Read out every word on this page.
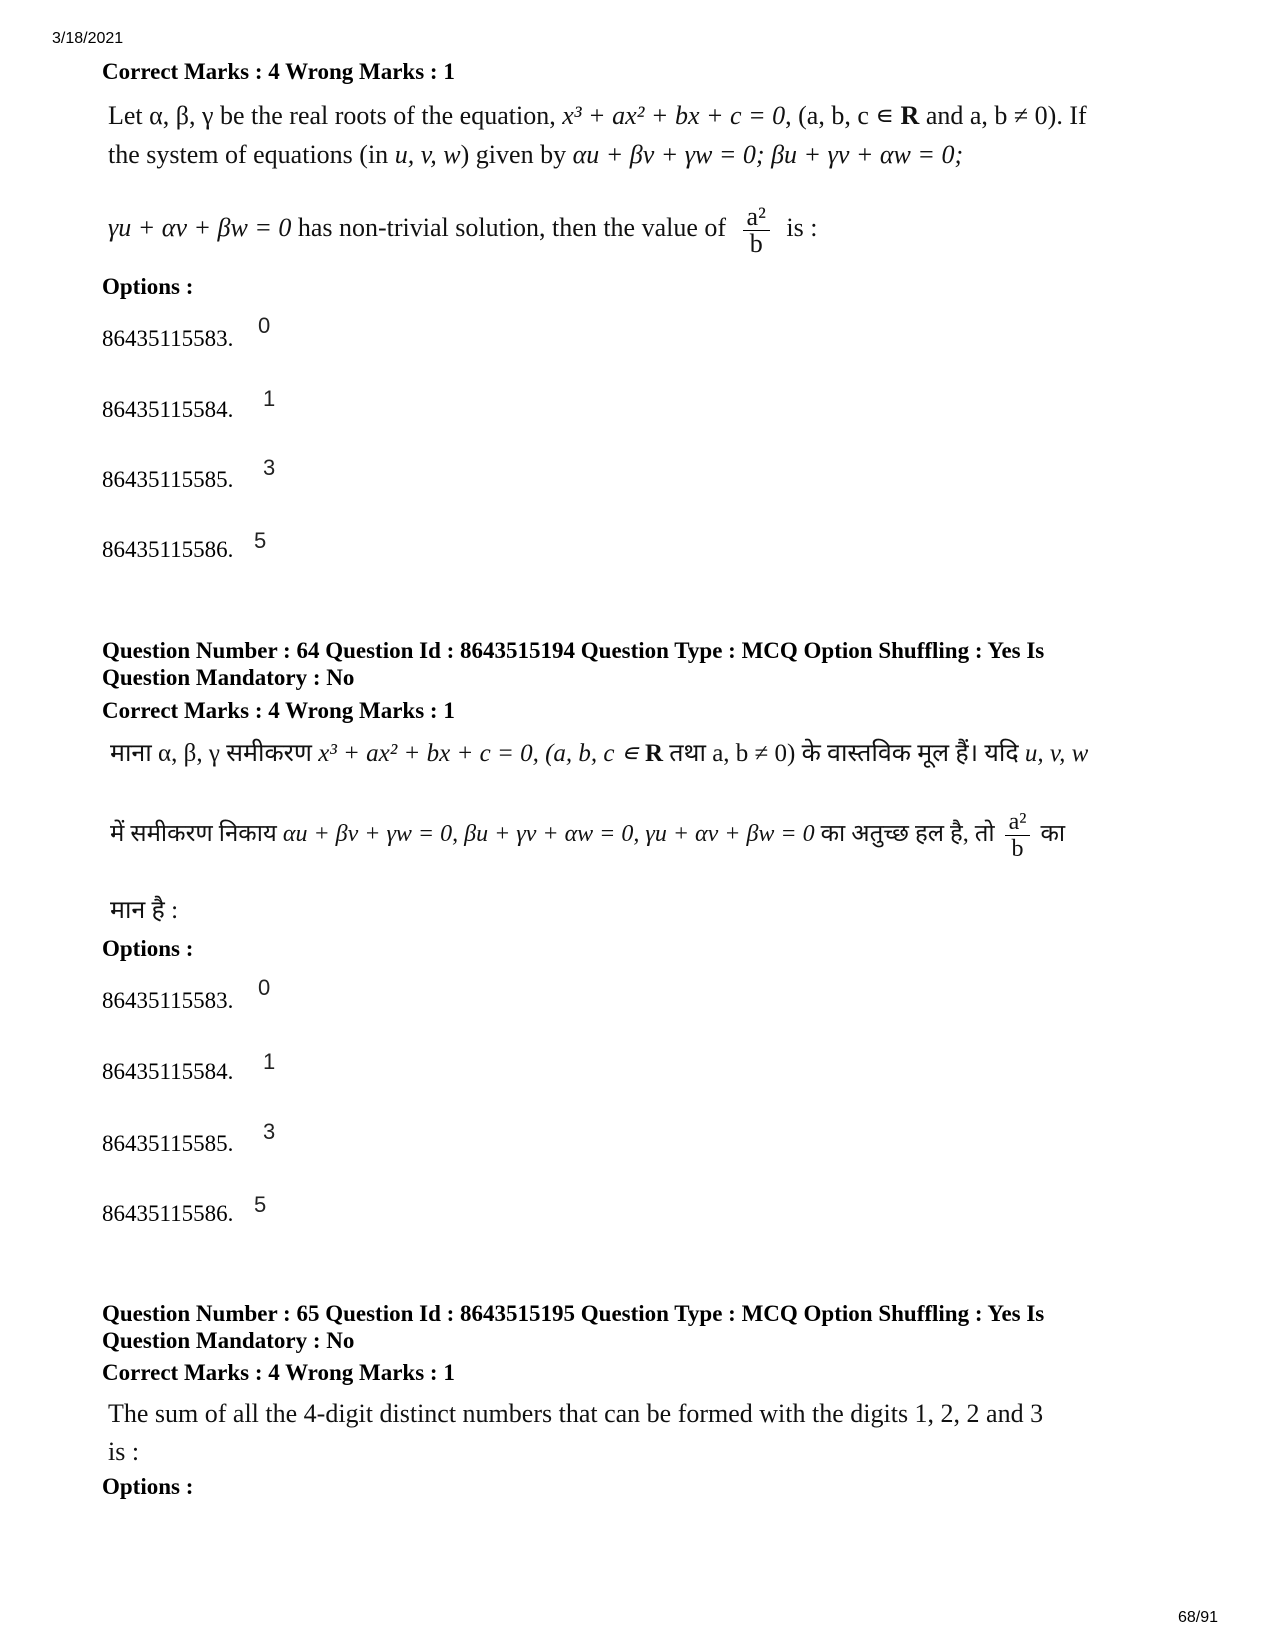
3/18/2021
Correct Marks : 4 Wrong Marks : 1
Let α, β, γ be the real roots of the equation, x³ + ax² + bx + c = 0, (a, b, c ∊ R and a, b ≠ 0). If
the system of equations (in u, v, w) given by αu + βv + γw = 0; βu + γv + αw = 0;
γu + αv + βw = 0 has non-trivial solution, then the value of $\frac{\text{a²}}{b}$ is :
Options :
86435115583.
0
86435115584. 1
86435115585. 3
86435115586. 5
Question Number : 64 Question Id : 8643515194 Question Type : MCQ Option Shuffling : Yes Is
Question Mandatory : No
Correct Marks : 4 Wrong Marks : 1
माना α, β, γ समीकरण x³ + ax² + bx + c = 0, (a, b, c ∊ R तथा a, b ≠ 0) के वास्तविक मूल हैं। यदि u, v, w
में समीकरण निकाय αu + βv + γw = 0, βu + γv + αw = 0, γu + αv + βw = 0 का अतुच्छ हल है, तो $\frac{\text{a²}}{b}$ का
मान है :
Options :
86435115583.
0
86435115584. 1
86435115585. 3
86435115586. 5
Question Number : 65 Question Id : 8643515195 Question Type : MCQ Option Shuffling : Yes Is
Question Mandatory : No
Correct Marks : 4 Wrong Marks : 1
The sum of all the 4-digit distinct numbers that can be formed with the digits 1, 2, 2 and 3
is :
Options :
68/91
